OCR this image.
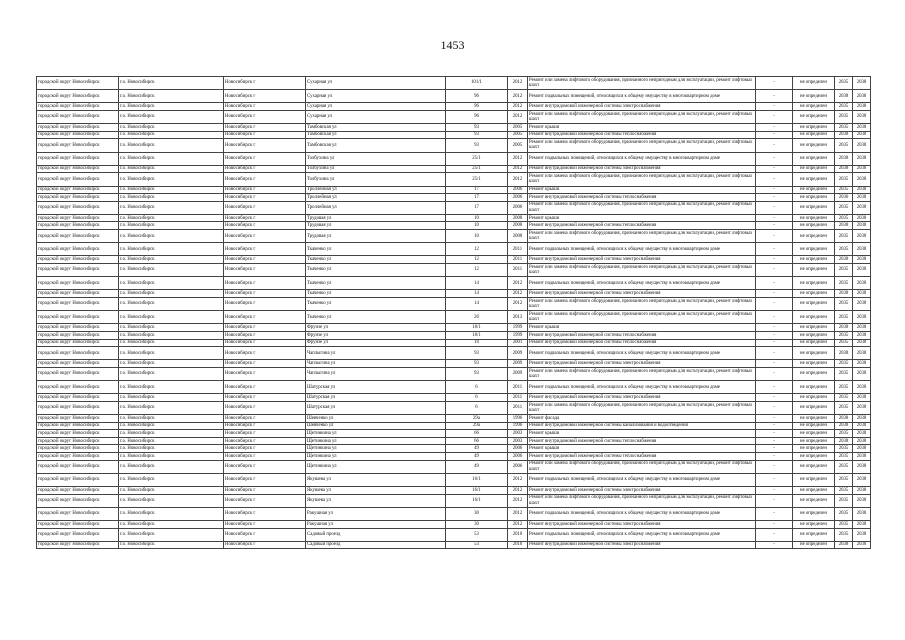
1453
городской округ Новосибирск	г.о. Новосибирск	Новосибирск г	Сухарная ул	101/1	2012	Ремонт или замена лифтового оборудования, признанного непригодным для эксплуатации, ремонт лифтовых шахт	-	не определен	2035	2038
городской округ Новосибирск	г.о. Новосибирск	Новосибирск г	Сухарная ул	96	2012	Ремонт подвальных помещений, относящихся к общему имуществу в многоквартирном доме	-	не определен	2038	2038
городской округ Новосибирск	г.о. Новосибирск	Новосибирск г	Сухарная ул	96	2012	Ремонт внутридомовой инженерной системы электроснабжения	-	не определен	2035	2038
городской округ Новосибирск	г.о. Новосибирск	Новосибирск г	Сухарная ул	96	2012	Ремонт или замена лифтового оборудования, признанного непригодным для эксплуатации, ремонт лифтовых шахт	-	не определен	2035	2038
городской округ Новосибирск	г.о. Новосибирск	Новосибирск г	Тамбовская ул	93	2005	Ремонт крыши	-	не определен	2035	2038
городской округ Новосибирск	г.о. Новосибирск	Новосибирск г	Тамбовская ул	93	2005	Ремонт внутридомовой инженерной системы теплоснабжения	-	не определен	2038	2038
городской округ Новосибирск	г.о. Новосибирск	Новосибирск г	Тамбовская ул	93	2005	Ремонт или замена лифтового оборудования, признанного непригодным для эксплуатации, ремонт лифтовых шахт	-	не определен	2035	2038
городской округ Новосибирск	г.о. Новосибирск	Новосибирск г	Толбухина ул	25/1	2012	Ремонт подвальных помещений, относящихся к общему имуществу в многоквартирном доме	-	не определен	2038	2038
городской округ Новосибирск	г.о. Новосибирск	Новосибирск г	Толбухина ул	25/1	2012	Ремонт внутридомовой инженерной системы электроснабжения	-	не определен	2038	2038
городской округ Новосибирск	г.о. Новосибирск	Новосибирск г	Толбухина ул	25/1	2012	Ремонт или замена лифтового оборудования, признанного непригодным для эксплуатации, ремонт лифтовых шахт	-	не определен	2035	2038
городской округ Новосибирск	г.о. Новосибирск	Новосибирск г	Троллейная ул	17	2006	Ремонт крыши	-	не определен	2035	2038
городской округ Новосибирск	г.о. Новосибирск	Новосибирск г	Троллейная ул	17	2006	Ремонт внутридомовой инженерной системы теплоснабжения	-	не определен	2036	2038
городской округ Новосибирск	г.о. Новосибирск	Новосибирск г	Троллейная ул	17	2006	Ремонт или замена лифтового оборудования, признанного непригодным для эксплуатации, ремонт лифтовых шахт	-	не определен	2035	2038
городской округ Новосибирск	г.о. Новосибирск	Новосибирск г	Трудовая ул	10	2008	Ремонт крыши	-	не определен	2035	2038
городской округ Новосибирск	г.о. Новосибирск	Новосибирск г	Трудовая ул	10	2008	Ремонт внутридомовой инженерной системы теплоснабжения	-	не определен	2038	2038
городской округ Новосибирск	г.о. Новосибирск	Новосибирск г	Трудовая ул	10	2008	Ремонт или замена лифтового оборудования, признанного непригодным для эксплуатации, ремонт лифтовых шахт	-	не определен	2035	2038
городской округ Новосибирск	г.о. Новосибирск	Новосибирск г	Ткаченко ул	12	2011	Ремонт подвальных помещений, относящихся к общему имуществу в многоквартирном доме	-	не определен	2035	2038
городской округ Новосибирск	г.о. Новосибирск	Новосибирск г	Ткаченко ул	12	2011	Ремонт внутридомовой инженерной системы электроснабжения	-	не определен	2038	2038
городской округ Новосибирск	г.о. Новосибирск	Новосибирск г	Ткаченко ул	12	2011	Ремонт или замена лифтового оборудования, признанного непригодным для эксплуатации, ремонт лифтовых шахт	-	не определен	2035	2038
городской округ Новосибирск	г.о. Новосибирск	Новосибирск г	Ткаченко ул	14	2012	Ремонт подвальных помещений, относящихся к общему имуществу в многоквартирном доме	-	не определен	2035	2038
городской округ Новосибирск	г.о. Новосибирск	Новосибирск г	Ткаченко ул	14	2012	Ремонт внутридомовой инженерной системы электроснабжения	-	не определен	2038	2038
городской округ Новосибирск	г.о. Новосибирск	Новосибирск г	Ткаченко ул	14	2012	Ремонт или замена лифтового оборудования, признанного непригодным для эксплуатации, ремонт лифтовых шахт	-	не определен	2035	2038
городской округ Новосибирск	г.о. Новосибирск	Новосибирск г	Ткаченко ул	26	2013	Ремонт или замена лифтового оборудования, признанного непригодным для эксплуатации, ремонт лифтовых шахт	-	не определен	2035	2038
городской округ Новосибирск	г.о. Новосибирск	Новосибирск г	Фрунзе ул	18/1	1999	Ремонт крыши	-	не определен	2038	2038
городской округ Новосибирск	г.о. Новосибирск	Новосибирск г	Фрунзе ул	18/1	1999	Ремонт внутридомовой инженерной системы теплоснабжения	-	не определен	2035	2038
городской округ Новосибирск	г.о. Новосибирск	Новосибирск г	Фрунзе ул	18	2001	Ремонт внутридомовой инженерной системы теплоснабжения	-	не определен	2035	2038
городской округ Новосибирск	г.о. Новосибирск	Новосибирск г	Чаплыгина ул	93	2009	Ремонт подвальных помещений, относящихся к общему имуществу в многоквартирном доме	-	не определен	2038	2038
городской округ Новосибирск	г.о. Новосибирск	Новосибирск г	Чаплыгина ул	93	2009	Ремонт внутридомовой инженерной системы электроснабжения	-	не определен	2035	2038
городской округ Новосибирск	г.о. Новосибирск	Новосибирск г	Чаплыгина ул	93	2009	Ремонт или замена лифтового оборудования, признанного непригодным для эксплуатации, ремонт лифтовых шахт	-	не определен	2035	2038
городской округ Новосибирск	г.о. Новосибирск	Новосибирск г	Шатурская ул	6	2011	Ремонт подвальных помещений, относящихся к общему имуществу в многоквартирном доме	-	не определен	2035	2038
городской округ Новосибирск	г.о. Новосибирск	Новосибирск г	Шатурская ул	6	2011	Ремонт внутридомовой инженерной системы электроснабжения	-	не определен	2035	2038
городской округ Новосибирск	г.о. Новосибирск	Новосибирск г	Шатурская ул	6	2011	Ремонт или замена лифтового оборудования, признанного непригодным для эксплуатации, ремонт лифтовых шахт	-	не определен	2035	2038
городской округ Новосибирск	г.о. Новосибирск	Новосибирск г	Шевченко ул	29а	1996	Ремонт фасада	-	не определен	2038	2038
городской округ Новосибирск	г.о. Новосибирск	Новосибирск г	Шевченко ул	29а	1996	Ремонт внутридомовой инженерной системы канализования и водоотведения	-	не определен	2038	2038
городской округ Новосибирск	г.о. Новосибирск	Новосибирск г	Щетинкина ул	66	2003	Ремонт крыши	-	не определен	2035	2038
городской округ Новосибирск	г.о. Новосибирск	Новосибирск г	Щетинкина ул	66	2003	Ремонт внутридомовой инженерной системы теплоснабжения	-	не определен	2038	2038
городской округ Новосибирск	г.о. Новосибирск	Новосибирск г	Щетинкина ул	49	2006	Ремонт крыши	-	не определен	2035	2038
городской округ Новосибирск	г.о. Новосибирск	Новосибирск г	Щетинкина ул	49	2006	Ремонт внутридомовой инженерной системы теплоснабжения	-	не определен	2035	2038
городской округ Новосибирск	г.о. Новосибирск	Новосибирск г	Щетинкина ул	49	2006	Ремонт или замена лифтового оборудования, признанного непригодным для эксплуатации, ремонт лифтовых шахт	-	не определен	2035	2038
городской округ Новосибирск	г.о. Новосибирск	Новосибирск г	Якушева ул	16/1	2012	Ремонт подвальных помещений, относящихся к общему имуществу в многоквартирном доме	-	не определен	2035	2038
городской округ Новосибирск	г.о. Новосибирск	Новосибирск г	Якушева ул	16/1	2012	Ремонт внутридомовой инженерной системы электроснабжения	-	не определен	2035	2038
городской округ Новосибирск	г.о. Новосибирск	Новосибирск г	Якушева ул	16/1	2012	Ремонт или замена лифтового оборудования, признанного непригодным для эксплуатации, ремонт лифтовых шахт	-	не определен	2035	2038
городской округ Новосибирск	г.о. Новосибирск	Новосибирск г	Ракушная ул	30	2012	Ремонт подвальных помещений, относящихся к общему имуществу в многоквартирном доме	-	не определен	2035	2038
городской округ Новосибирск	г.о. Новосибирск	Новосибирск г	Ракушная ул	30	2012	Ремонт внутридомовой инженерной системы электроснабжения	-	не определен	2035	2038
городской округ Новосибирск	г.о. Новосибирск	Новосибирск г	Садовый проезд	53	2010	Ремонт подвальных помещений, относящихся к общему имуществу в многоквартирном доме	-	не определен	2035	2038
городской округ Новосибирск	г.о. Новосибирск	Новосибирск г	Садовый проезд	53	2010	Ремонт внутридомовой инженерной системы электроснабжения	-	не определен	2038	2038
